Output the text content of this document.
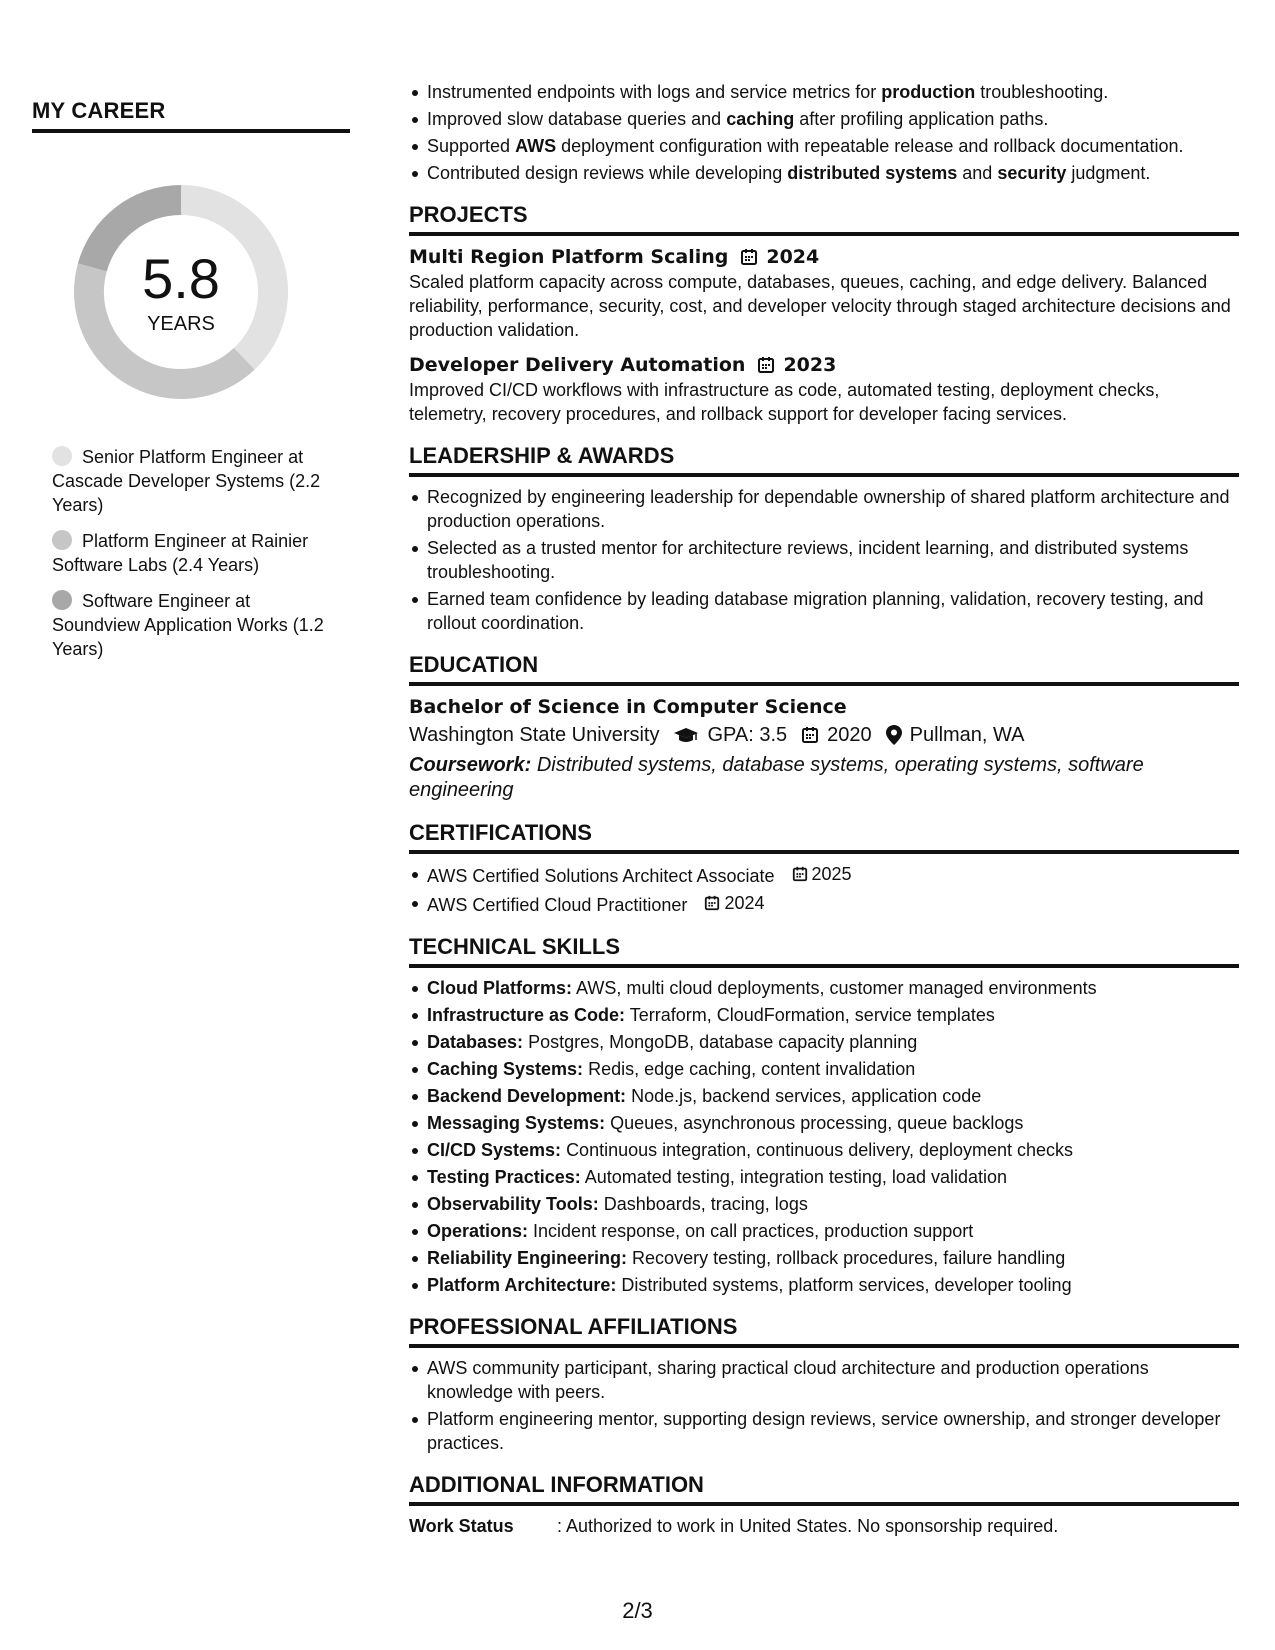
MY CAREER
5.8
YEARS
Senior Platform Engineer at Cascade Developer Systems (2.2 Years)
Platform Engineer at Rainier Software Labs (2.4 Years)
Software Engineer at Soundview Application Works (1.2 Years)
Instrumented endpoints with logs and service metrics for production troubleshooting.
Improved slow database queries and caching after profiling application paths.
Supported AWS deployment configuration with repeatable release and rollback documentation.
Contributed design reviews while developing distributed systems and security judgment.
PROJECTS
Multi Region Platform Scaling 2024
Scaled platform capacity across compute, databases, queues, caching, and edge delivery. Balanced reliability, performance, security, cost, and developer velocity through staged architecture decisions and production validation.
Developer Delivery Automation 2023
Improved CI/CD workflows with infrastructure as code, automated testing, deployment checks, telemetry, recovery procedures, and rollback support for developer facing services.
LEADERSHIP & AWARDS
Recognized by engineering leadership for dependable ownership of shared platform architecture and production operations.
Selected as a trusted mentor for architecture reviews, incident learning, and distributed systems troubleshooting.
Earned team confidence by leading database migration planning, validation, recovery testing, and rollout coordination.
EDUCATION
Bachelor of Science in Computer Science
Washington State University GPA: 3.5 2020 Pullman, WA
Coursework: Distributed systems, database systems, operating systems, software engineering
CERTIFICATIONS
AWS Certified Solutions Architect Associate 2025
AWS Certified Cloud Practitioner 2024
TECHNICAL SKILLS
Cloud Platforms: AWS, multi cloud deployments, customer managed environments
Infrastructure as Code: Terraform, CloudFormation, service templates
Databases: Postgres, MongoDB, database capacity planning
Caching Systems: Redis, edge caching, content invalidation
Backend Development: Node.js, backend services, application code
Messaging Systems: Queues, asynchronous processing, queue backlogs
CI/CD Systems: Continuous integration, continuous delivery, deployment checks
Testing Practices: Automated testing, integration testing, load validation
Observability Tools: Dashboards, tracing, logs
Operations: Incident response, on call practices, production support
Reliability Engineering: Recovery testing, rollback procedures, failure handling
Platform Architecture: Distributed systems, platform services, developer tooling
PROFESSIONAL AFFILIATIONS
AWS community participant, sharing practical cloud architecture and production operations knowledge with peers.
Platform engineering mentor, supporting design reviews, service ownership, and stronger developer practices.
ADDITIONAL INFORMATION
Work Status	: Authorized to work in United States. No sponsorship required.
2/3
